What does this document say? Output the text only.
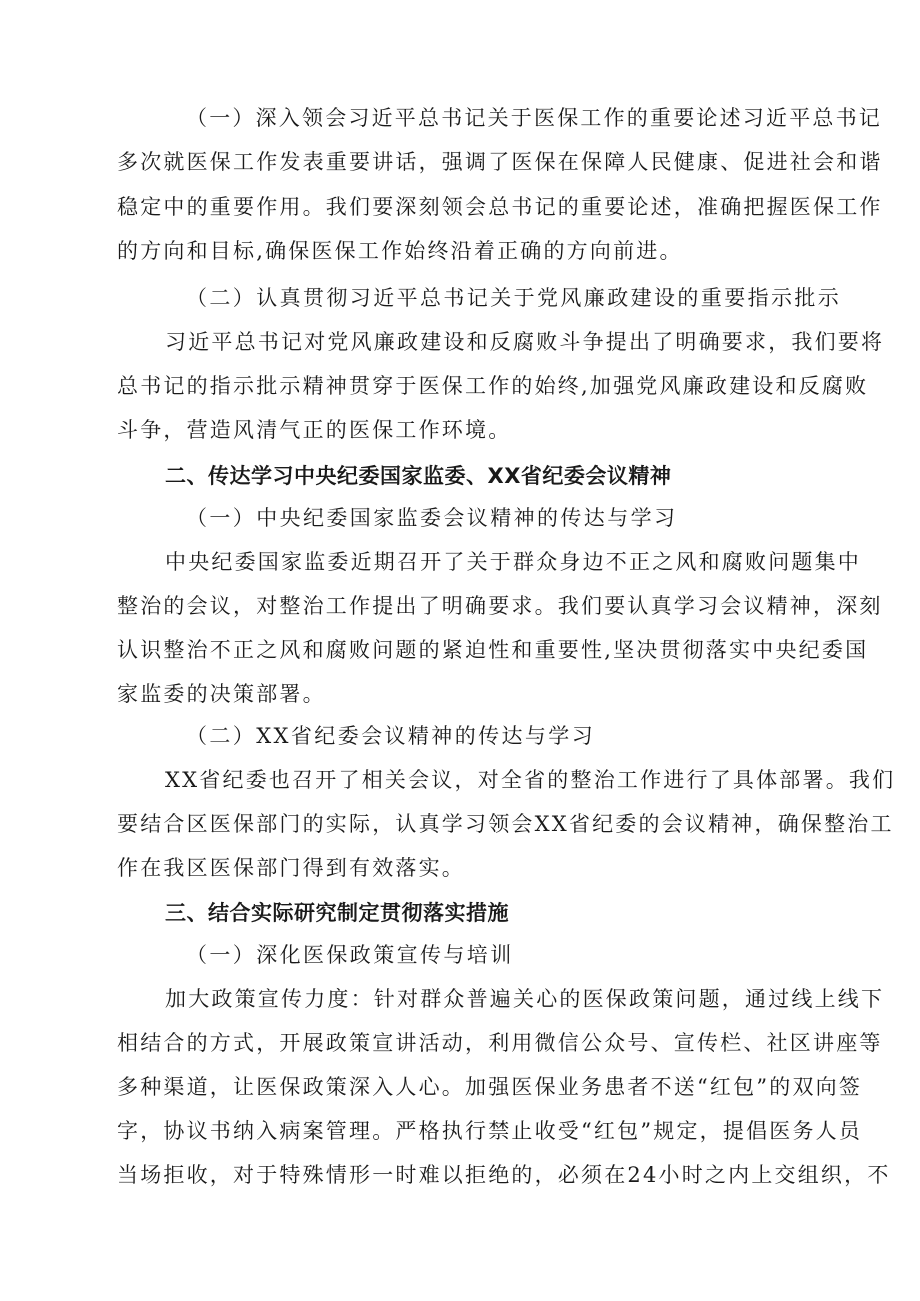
（一）深入领会习近平总书记关于医保工作的重要论述习近平总书记
多次就医保工作发表重要讲话，强调了医保在保障人民健康、促进社会和谐
稳定中的重要作用。我们要深刻领会总书记的重要论述，准确把握医保工作
的方向和目标,确保医保工作始终沿着正确的方向前进。
（二）认真贯彻习近平总书记关于党风廉政建设的重要指示批示
习近平总书记对党风廉政建设和反腐败斗争提出了明确要求，我们要将
总书记的指示批示精神贯穿于医保工作的始终,加强党风廉政建设和反腐败
斗争，营造风清气正的医保工作环境。
二、传达学习中央纪委国家监委、XX省纪委会议精神
（一）中央纪委国家监委会议精神的传达与学习
中央纪委国家监委近期召开了关于群众身边不正之风和腐败问题集中
整治的会议，对整治工作提出了明确要求。我们要认真学习会议精神，深刻
认识整治不正之风和腐败问题的紧迫性和重要性,坚决贯彻落实中央纪委国
家监委的决策部署。
（二）XX省纪委会议精神的传达与学习
XX省纪委也召开了相关会议，对全省的整治工作进行了具体部署。我们
要结合区医保部门的实际，认真学习领会XX省纪委的会议精神，确保整治工
作在我区医保部门得到有效落实。
三、结合实际研究制定贯彻落实措施
（一）深化医保政策宣传与培训
加大政策宣传力度：针对群众普遍关心的医保政策问题，通过线上线下
相结合的方式，开展政策宣讲活动，利用微信公众号、宣传栏、社区讲座等
多种渠道，让医保政策深入人心。加强医保业务患者不送“红包”的双向签
字，协议书纳入病案管理。严格执行禁止收受“红包”规定，提倡医务人员
当场拒收，对于特殊情形一时难以拒绝的，必须在24小时之内上交组织，不
